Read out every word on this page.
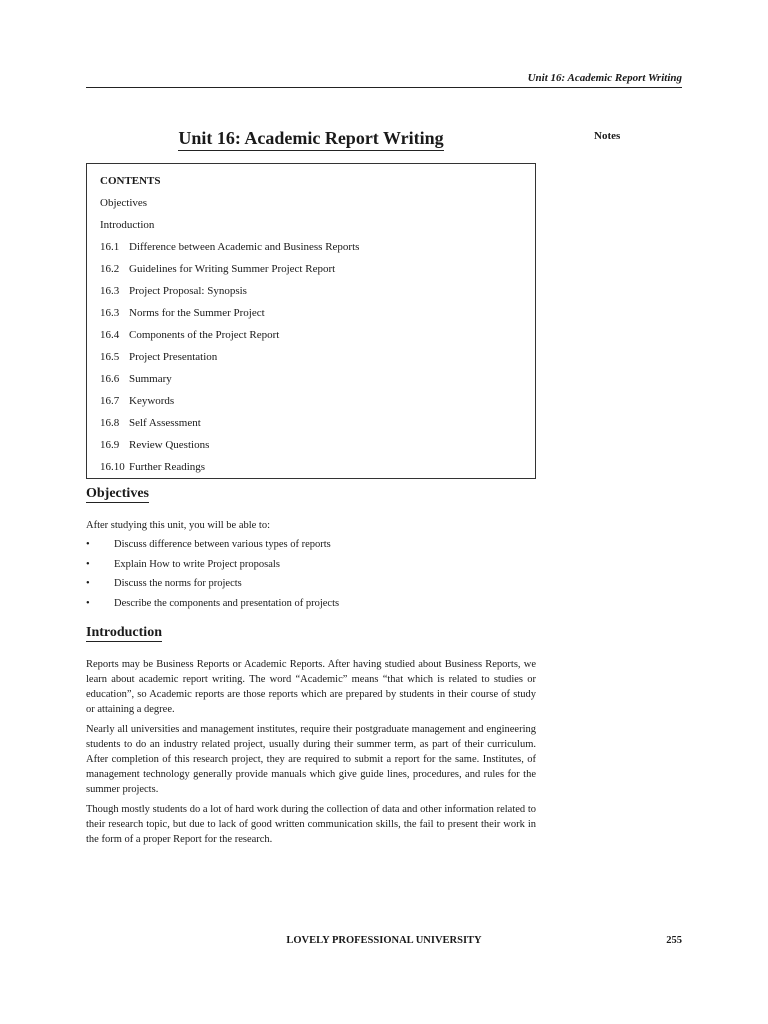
Unit 16: Academic Report Writing
Unit 16: Academic Report Writing	Notes
CONTENTS
Objectives
Introduction
16.1 Difference between Academic and Business Reports
16.2 Guidelines for Writing Summer Project Report
16.3 Project Proposal: Synopsis
16.3 Norms for the Summer Project
16.4 Components of the Project Report
16.5 Project Presentation
16.6 Summary
16.7 Keywords
16.8 Self Assessment
16.9 Review Questions
16.10 Further Readings
Objectives
After studying this unit, you will be able to:
•	Discuss difference between various types of reports
•	Explain How to write Project proposals
•	Discuss the norms for projects
•	Describe the components and presentation of projects
Introduction
Reports may be Business Reports or Academic Reports. After having studied about Business Reports, we learn about academic report writing. The word “Academic” means “that which is related to studies or education”, so Academic reports are those reports which are prepared by students in their course of study or attaining a degree.
Nearly all universities and management institutes, require their postgraduate management and engineering students to do an industry related project, usually during their summer term, as part of their curriculum. After completion of this research project, they are required to submit a report for the same. Institutes, of management technology generally provide manuals which give guide lines, procedures, and rules for the summer projects.
Though mostly students do a lot of hard work during the collection of data and other information related to their research topic, but due to lack of good written communication skills, the fail to present their work in the form of a proper Report for the research.
LOVELY PROFESSIONAL UNIVERSITY	255
